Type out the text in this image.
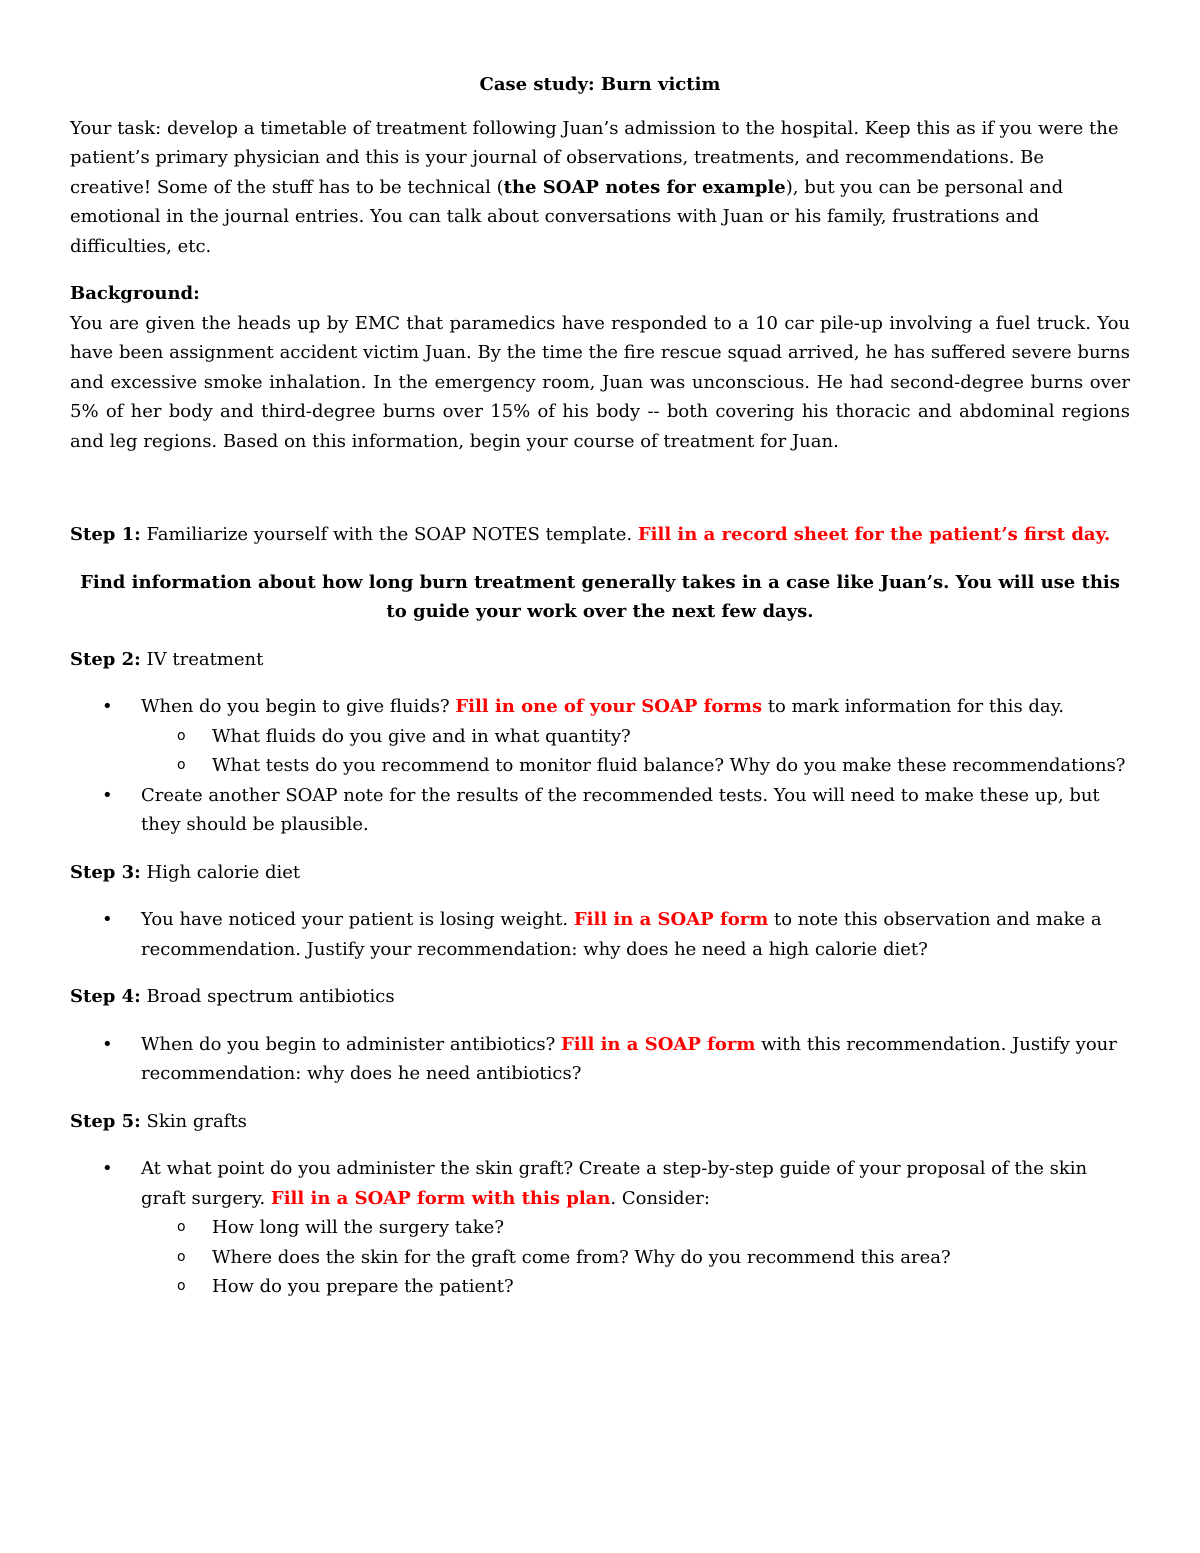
Case study: Burn victim

Your task: develop a timetable of treatment following Juan’s admission to the hospital. Keep this as if you were the patient’s primary physician and this is your journal of observations, treatments, and recommendations. Be creative! Some of the stuff has to be technical (the SOAP notes for example), but you can be personal and emotional in the journal entries. You can talk about conversations with Juan or his family, frustrations and difficulties, etc.

Background:

You are given the heads up by EMC that paramedics have responded to a 10 car pile-up involving a fuel truck. You have been assignment accident victim Juan. By the time the fire rescue squad arrived, he has suffered severe burns and excessive smoke inhalation. In the emergency room, Juan was unconscious. He had second-degree burns over 5% of her body and third-degree burns over 15% of his body -- both covering his thoracic and abdominal regions and leg regions. Based on this information, begin your course of treatment for Juan.

Step 1: Familiarize yourself with the SOAP NOTES template. Fill in a record sheet for the patient’s first day.

Find information about how long burn treatment generally takes in a case like Juan’s. You will use this to guide your work over the next few days.

Step 2: IV treatment

• When do you begin to give fluids? Fill in one of your SOAP forms to mark information for this day.
o What fluids do you give and in what quantity?
o What tests do you recommend to monitor fluid balance? Why do you make these recommendations?
• Create another SOAP note for the results of the recommended tests. You will need to make these up, but they should be plausible.

Step 3: High calorie diet

• You have noticed your patient is losing weight. Fill in a SOAP form to note this observation and make a recommendation. Justify your recommendation: why does he need a high calorie diet?

Step 4: Broad spectrum antibiotics

• When do you begin to administer antibiotics? Fill in a SOAP form with this recommendation. Justify your recommendation: why does he need antibiotics?

Step 5: Skin grafts

• At what point do you administer the skin graft? Create a step-by-step guide of your proposal of the skin graft surgery. Fill in a SOAP form with this plan. Consider:
o How long will the surgery take?
o Where does the skin for the graft come from? Why do you recommend this area?
o How do you prepare the patient?
